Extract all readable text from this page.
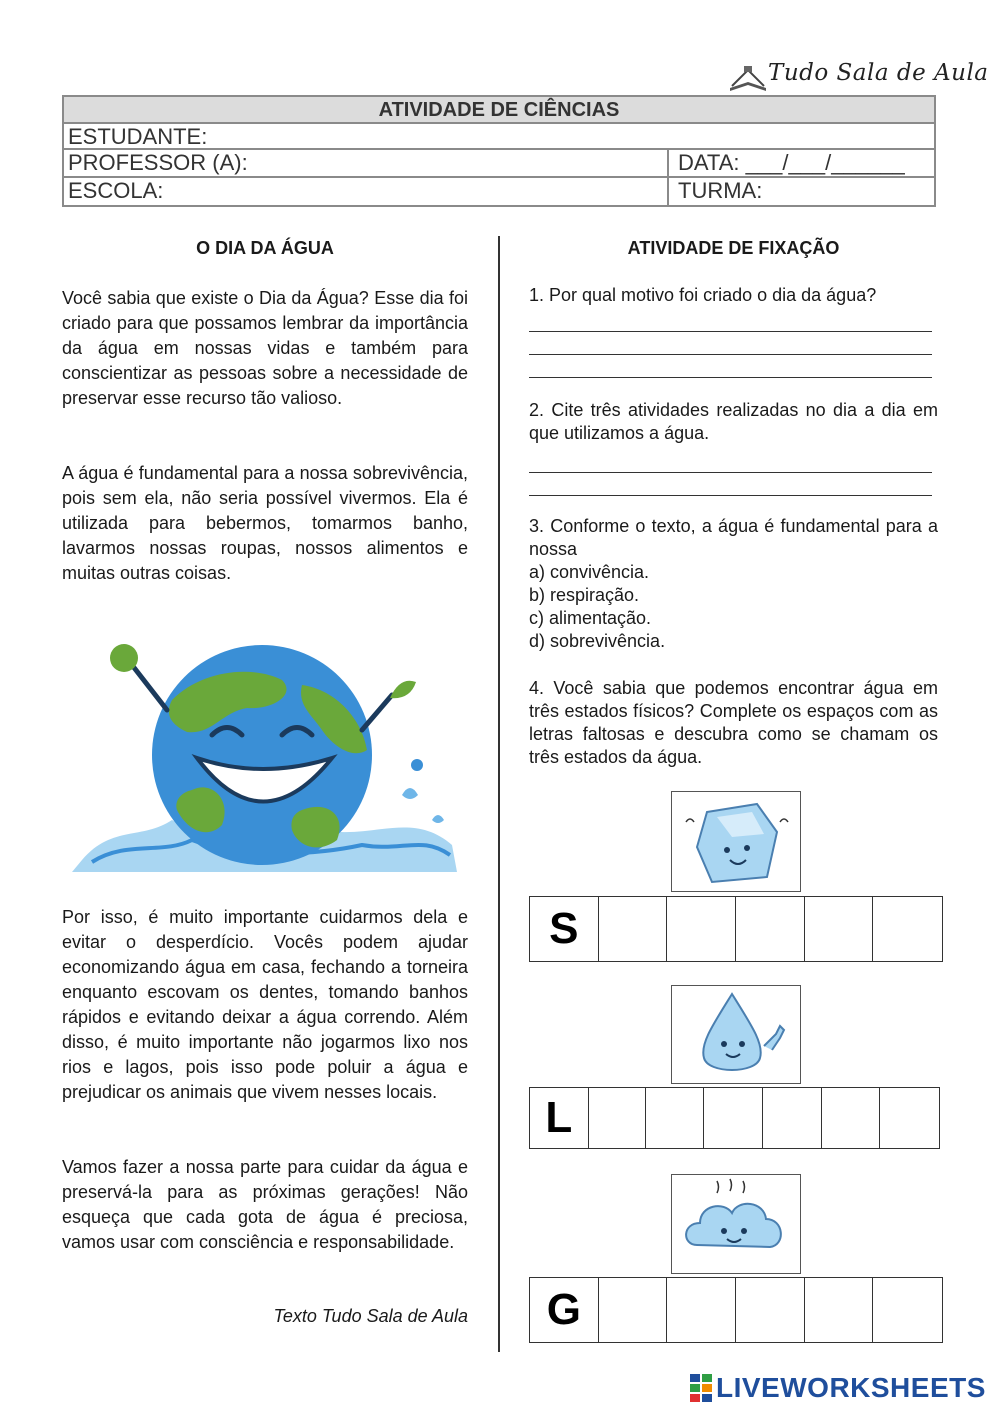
Tudo Sala de Aula
ATIVIDADE DE CIÊNCIAS
ESTUDANTE:
PROFESSOR (A):	DATA: ___/___/______
ESCOLA:	TURMA:
O DIA DA ÁGUA
Você sabia que existe o Dia da Água? Esse dia foi criado para que possamos lembrar da importância da água em nossas vidas e também para conscientizar as pessoas sobre a necessidade de preservar esse recurso tão valioso.
A água é fundamental para a nossa sobrevivência, pois sem ela, não seria possível vivermos. Ela é utilizada para bebermos, tomarmos banho, lavarmos nossas roupas, nossos alimentos e muitas outras coisas.
Por isso, é muito importante cuidarmos dela e evitar o desperdício. Vocês podem ajudar economizando água em casa, fechando a torneira enquanto escovam os dentes, tomando banhos rápidos e evitando deixar a água correndo. Além disso, é muito importante não jogarmos lixo nos rios e lagos, pois isso pode poluir a água e prejudicar os animais que vivem nesses locais.
Vamos fazer a nossa parte para cuidar da água e preservá-la para as próximas gerações! Não esqueça que cada gota de água é preciosa, vamos usar com consciência e responsabilidade.
Texto Tudo Sala de Aula
ATIVIDADE DE FIXAÇÃO
1. Por qual motivo foi criado o dia da água?
2. Cite três atividades realizadas no dia a dia em que utilizamos a água.
3. Conforme o texto, a água é fundamental para a nossa
a) convivência.
b) respiração.
c) alimentação.
d) sobrevivência.
4. Você sabia que podemos encontrar água em três estados físicos? Complete os espaços com as letras faltosas e descubra como se chamam os três estados da água.
S
L
G
LIVEWORKSHEETS
